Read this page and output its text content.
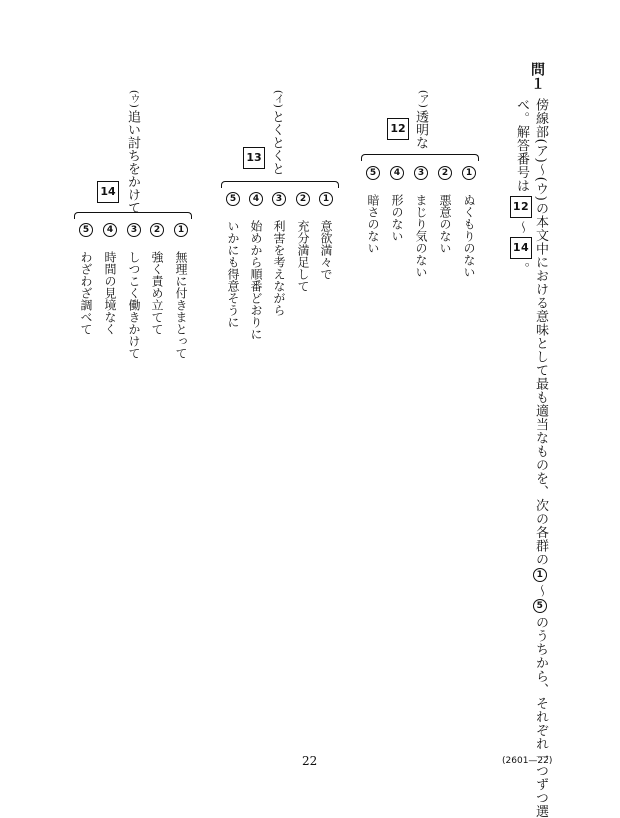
問１
傍線部(ア)〜(ウ)の本文中における意味として最も適当なものを、次の各群の1〜5のうちから、それぞれ一つずつ選
べ。解答番号は12〜14。
(ア)
透明な
12
1　ぬくもりのない
2　悪意のない
3　まじり気のない
4　形のない
5　暗さのない
(イ)
とくとくと
13
1　意欲満々で
2　充分満足して
3　利害を考えながら
4　始めから順番どおりに
5　いかにも得意そうに
(ウ)
追い討ちをかけて
14
1　無理に付きまとって
2　強く責め立てて
3　しつこく働きかけて
4　時間の見境なく
5　わざわざ調べて
22	(2601—22)
